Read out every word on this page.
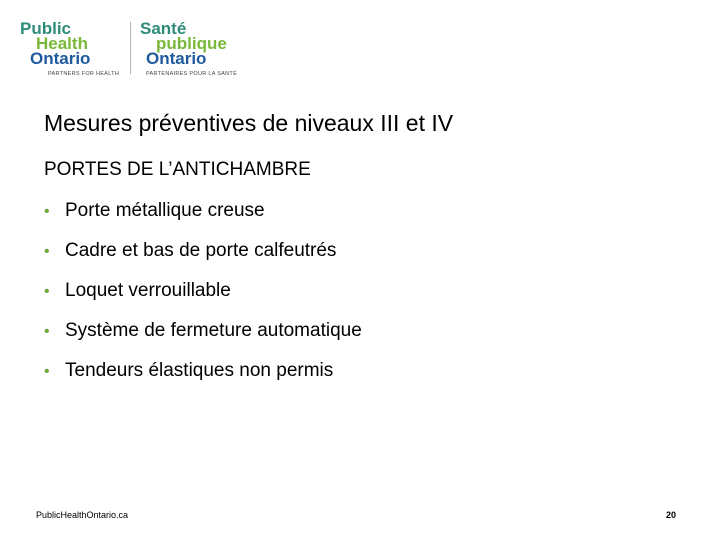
Public
Health
Ontario
PARTNERS FOR HEALTH
Santé
publique
Ontario
PARTENAIRES POUR LA SANTÉ
Mesures préventives de niveaux III et IV
PORTES DE L’ANTICHAMBRE
• Porte métallique creuse
• Cadre et bas de porte calfeutrés
• Loquet verrouillable
• Système de fermeture automatique
• Tendeurs élastiques non permis
PublicHealthOntario.ca	20
